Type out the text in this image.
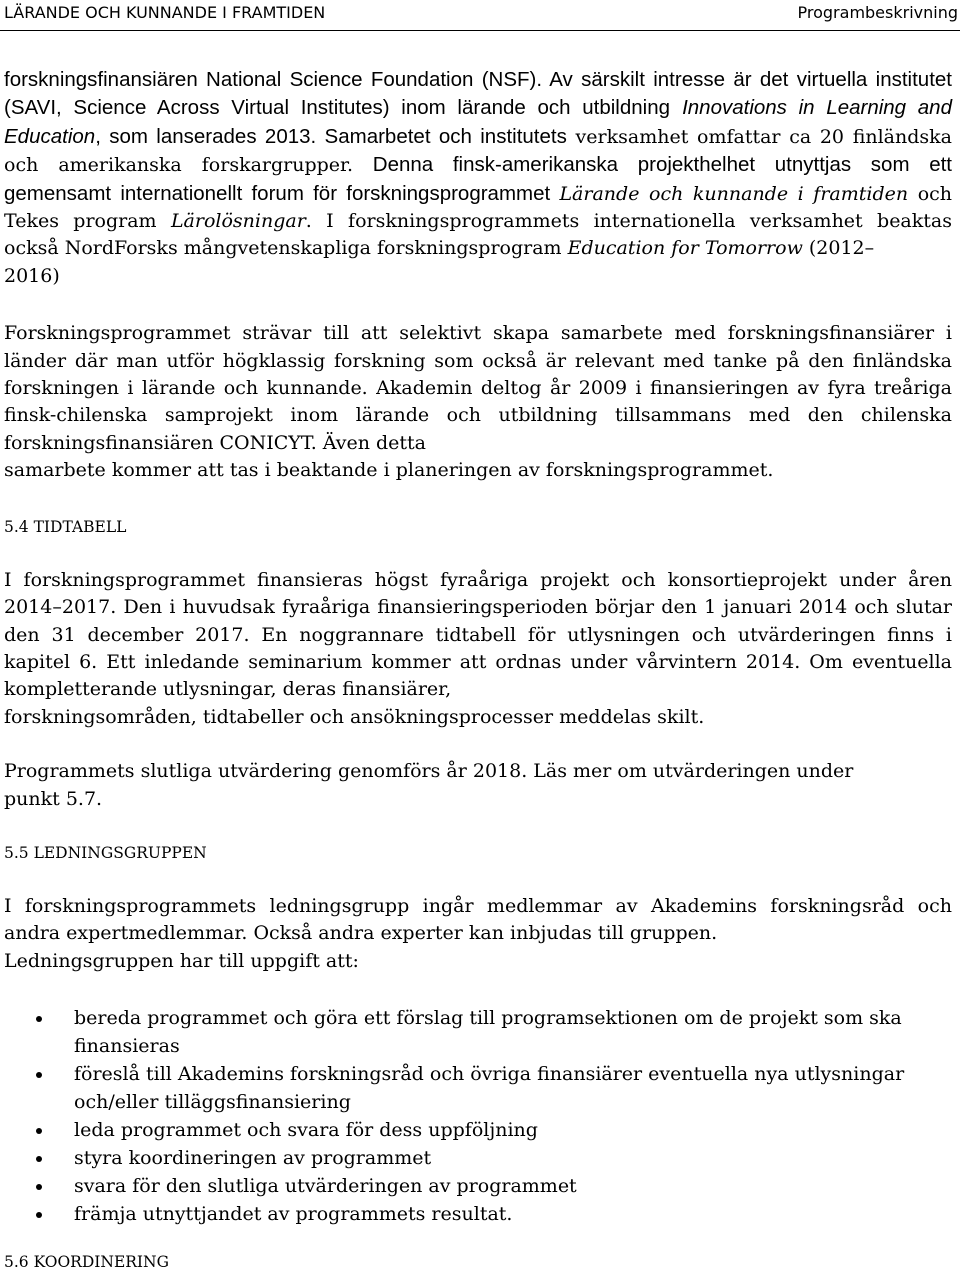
LÄRANDE OCH KUNNANDE I FRAMTIDEN	Programbeskrivning

forskningsfinansiären National Science Foundation (NSF). Av särskilt intresse är det virtuella institutet (SAVI, Science Across Virtual Institutes) inom lärande och utbildning Innovations in Learning and Education, som lanserades 2013. Samarbetet och institutets verksamhet omfattar ca 20 finländska och amerikanska forskargrupper. Denna finsk-amerikanska projekthelhet utnyttjas som ett gemensamt internationellt forum för forskningsprogrammet Lärande och kunnande i framtiden och Tekes program Lärolösningar. I forskningsprogrammets internationella verksamhet beaktas också NordForsks mångvetenskapliga forskningsprogram Education for Tomorrow (2012–

2016)

Forskningsprogrammet strävar till att selektivt skapa samarbete med forskningsfinansiärer i länder där man utför högklassig forskning som också är relevant med tanke på den finländska forskningen i lärande och kunnande. Akademin deltog år 2009 i finansieringen av fyra treåriga finsk-chilenska samprojekt inom lärande och utbildning tillsammans med den chilenska forskningsfinansiären CONICYT. Även detta

samarbete kommer att tas i beaktande i planeringen av forskningsprogrammet.

5.4 TIDTABELL

I forskningsprogrammet finansieras högst fyraåriga projekt och konsortieprojekt under åren 2014–2017. Den i huvudsak fyraåriga finansieringsperioden börjar den 1 januari 2014 och slutar den 31 december 2017. En noggrannare tidtabell för utlysningen och utvärderingen finns i kapitel 6. Ett inledande seminarium kommer att ordnas under vårvintern 2014. Om eventuella kompletterande utlysningar, deras finansiärer,

forskningsområden, tidtabeller och ansökningsprocesser meddelas skilt.

Programmets slutliga utvärdering genomförs år 2018. Läs mer om utvärderingen under

punkt 5.7.

5.5 LEDNINGSGRUPPEN

I forskningsprogrammets ledningsgrupp ingår medlemmar av Akademins forskningsråd och andra expertmedlemmar. Också andra experter kan inbjudas till gruppen.

Ledningsgruppen har till uppgift att:

bereda programmet och göra ett förslag till programsektionen om de projekt som ska finansieras
föreslå till Akademins forskningsråd och övriga finansiärer eventuella nya utlysningar och/eller tilläggsfinansiering
leda programmet och svara för dess uppföljning
styra koordineringen av programmet
svara för den slutliga utvärderingen av programmet
främja utnyttjandet av programmets resultat.

5.6 KOORDINERING
